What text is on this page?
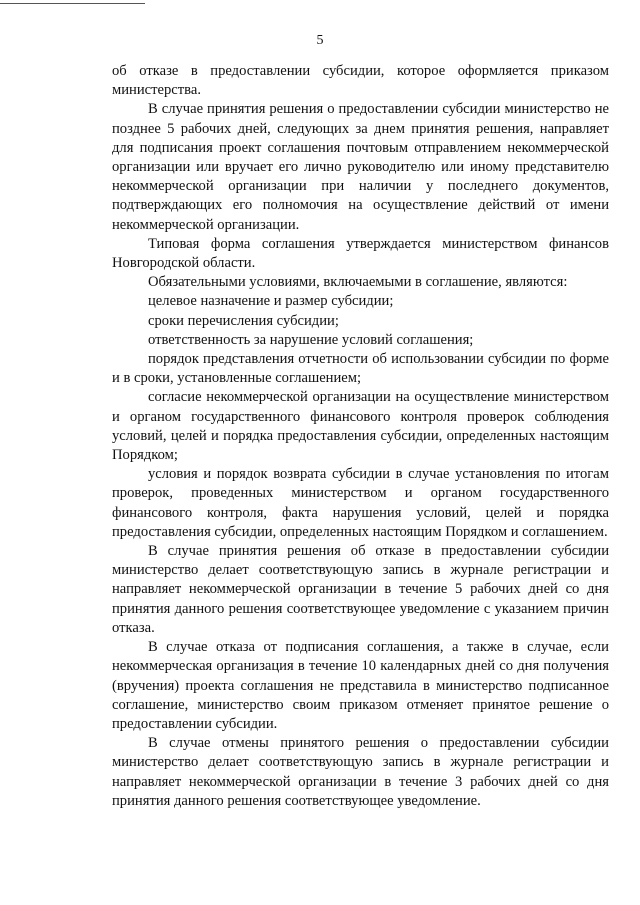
5

об отказе в предоставлении субсидии, которое оформляется приказом министерства.

В случае принятия решения о предоставлении субсидии министерство не позднее 5 рабочих дней, следующих за днем принятия решения, направляет для подписания проект соглашения почтовым отправлением некоммерческой организации или вручает его лично руководителю или иному представителю некоммерческой организации при наличии у последнего документов, подтверждающих его полномочия на осуществление действий от имени некоммерческой организации.

Типовая форма соглашения утверждается министерством финансов Новгородской области.

Обязательными условиями, включаемыми в соглашение, являются:

целевое назначение и размер субсидии;

сроки перечисления субсидии;

ответственность за нарушение условий соглашения;

порядок представления отчетности об использовании субсидии по форме и в сроки, установленные соглашением;

согласие некоммерческой организации на осуществление министерством и органом государственного финансового контроля проверок соблюдения условий, целей и порядка предоставления субсидии, определенных настоящим Порядком;

условия и порядок возврата субсидии в случае установления по итогам проверок, проведенных министерством и органом государственного финансового контроля, факта нарушения условий, целей и порядка предоставления субсидии, определенных настоящим Порядком и соглашением.

В случае принятия решения об отказе в предоставлении субсидии министерство делает соответствующую запись в журнале регистрации и направляет некоммерческой организации в течение 5 рабочих дней со дня принятия данного решения соответствующее уведомление с указанием причин отказа.

В случае отказа от подписания соглашения, а также в случае, если некоммерческая организация в течение 10 календарных дней со дня получения (вручения) проекта соглашения не представила в министерство подписанное соглашение, министерство своим приказом отменяет принятое решение о предоставлении субсидии.

В случае отмены принятого решения о предоставлении субсидии министерство делает соответствующую запись в журнале регистрации и направляет некоммерческой организации в течение 3 рабочих дней со дня принятия данного решения соответствующее уведомление.
